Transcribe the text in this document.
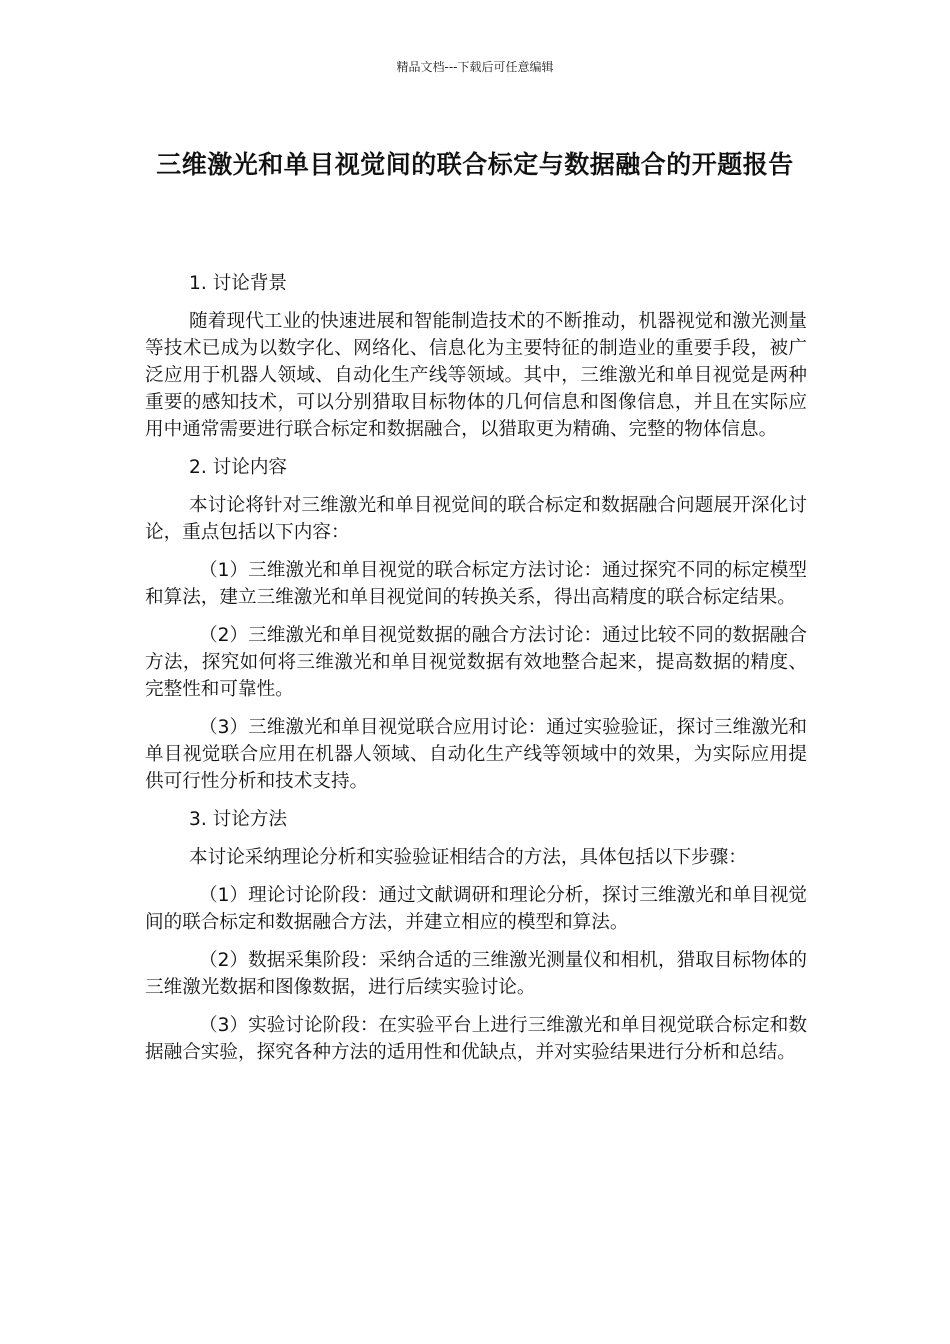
精品文档---下载后可任意编辑
三维激光和单目视觉间的联合标定与数据融合的开题报告
1. 讨论背景
随着现代工业的快速进展和智能制造技术的不断推动，机器视觉和激光测量等技术已成为以数字化、网络化、信息化为主要特征的制造业的重要手段，被广泛应用于机器人领域、自动化生产线等领域。其中，三维激光和单目视觉是两种重要的感知技术，可以分别猎取目标物体的几何信息和图像信息，并且在实际应用中通常需要进行联合标定和数据融合，以猎取更为精确、完整的物体信息。
2. 讨论内容
本讨论将针对三维激光和单目视觉间的联合标定和数据融合问题展开深化讨论，重点包括以下内容：
（1）三维激光和单目视觉的联合标定方法讨论：通过探究不同的标定模型和算法，建立三维激光和单目视觉间的转换关系，得出高精度的联合标定结果。
（2）三维激光和单目视觉数据的融合方法讨论：通过比较不同的数据融合方法，探究如何将三维激光和单目视觉数据有效地整合起来，提高数据的精度、完整性和可靠性。
（3）三维激光和单目视觉联合应用讨论：通过实验验证，探讨三维激光和单目视觉联合应用在机器人领域、自动化生产线等领域中的效果，为实际应用提供可行性分析和技术支持。
3. 讨论方法
本讨论采纳理论分析和实验验证相结合的方法，具体包括以下步骤：
（1）理论讨论阶段：通过文献调研和理论分析，探讨三维激光和单目视觉间的联合标定和数据融合方法，并建立相应的模型和算法。
（2）数据采集阶段：采纳合适的三维激光测量仪和相机，猎取目标物体的三维激光数据和图像数据，进行后续实验讨论。
（3）实验讨论阶段：在实验平台上进行三维激光和单目视觉联合标定和数据融合实验，探究各种方法的适用性和优缺点，并对实验结果进行分析和总结。
